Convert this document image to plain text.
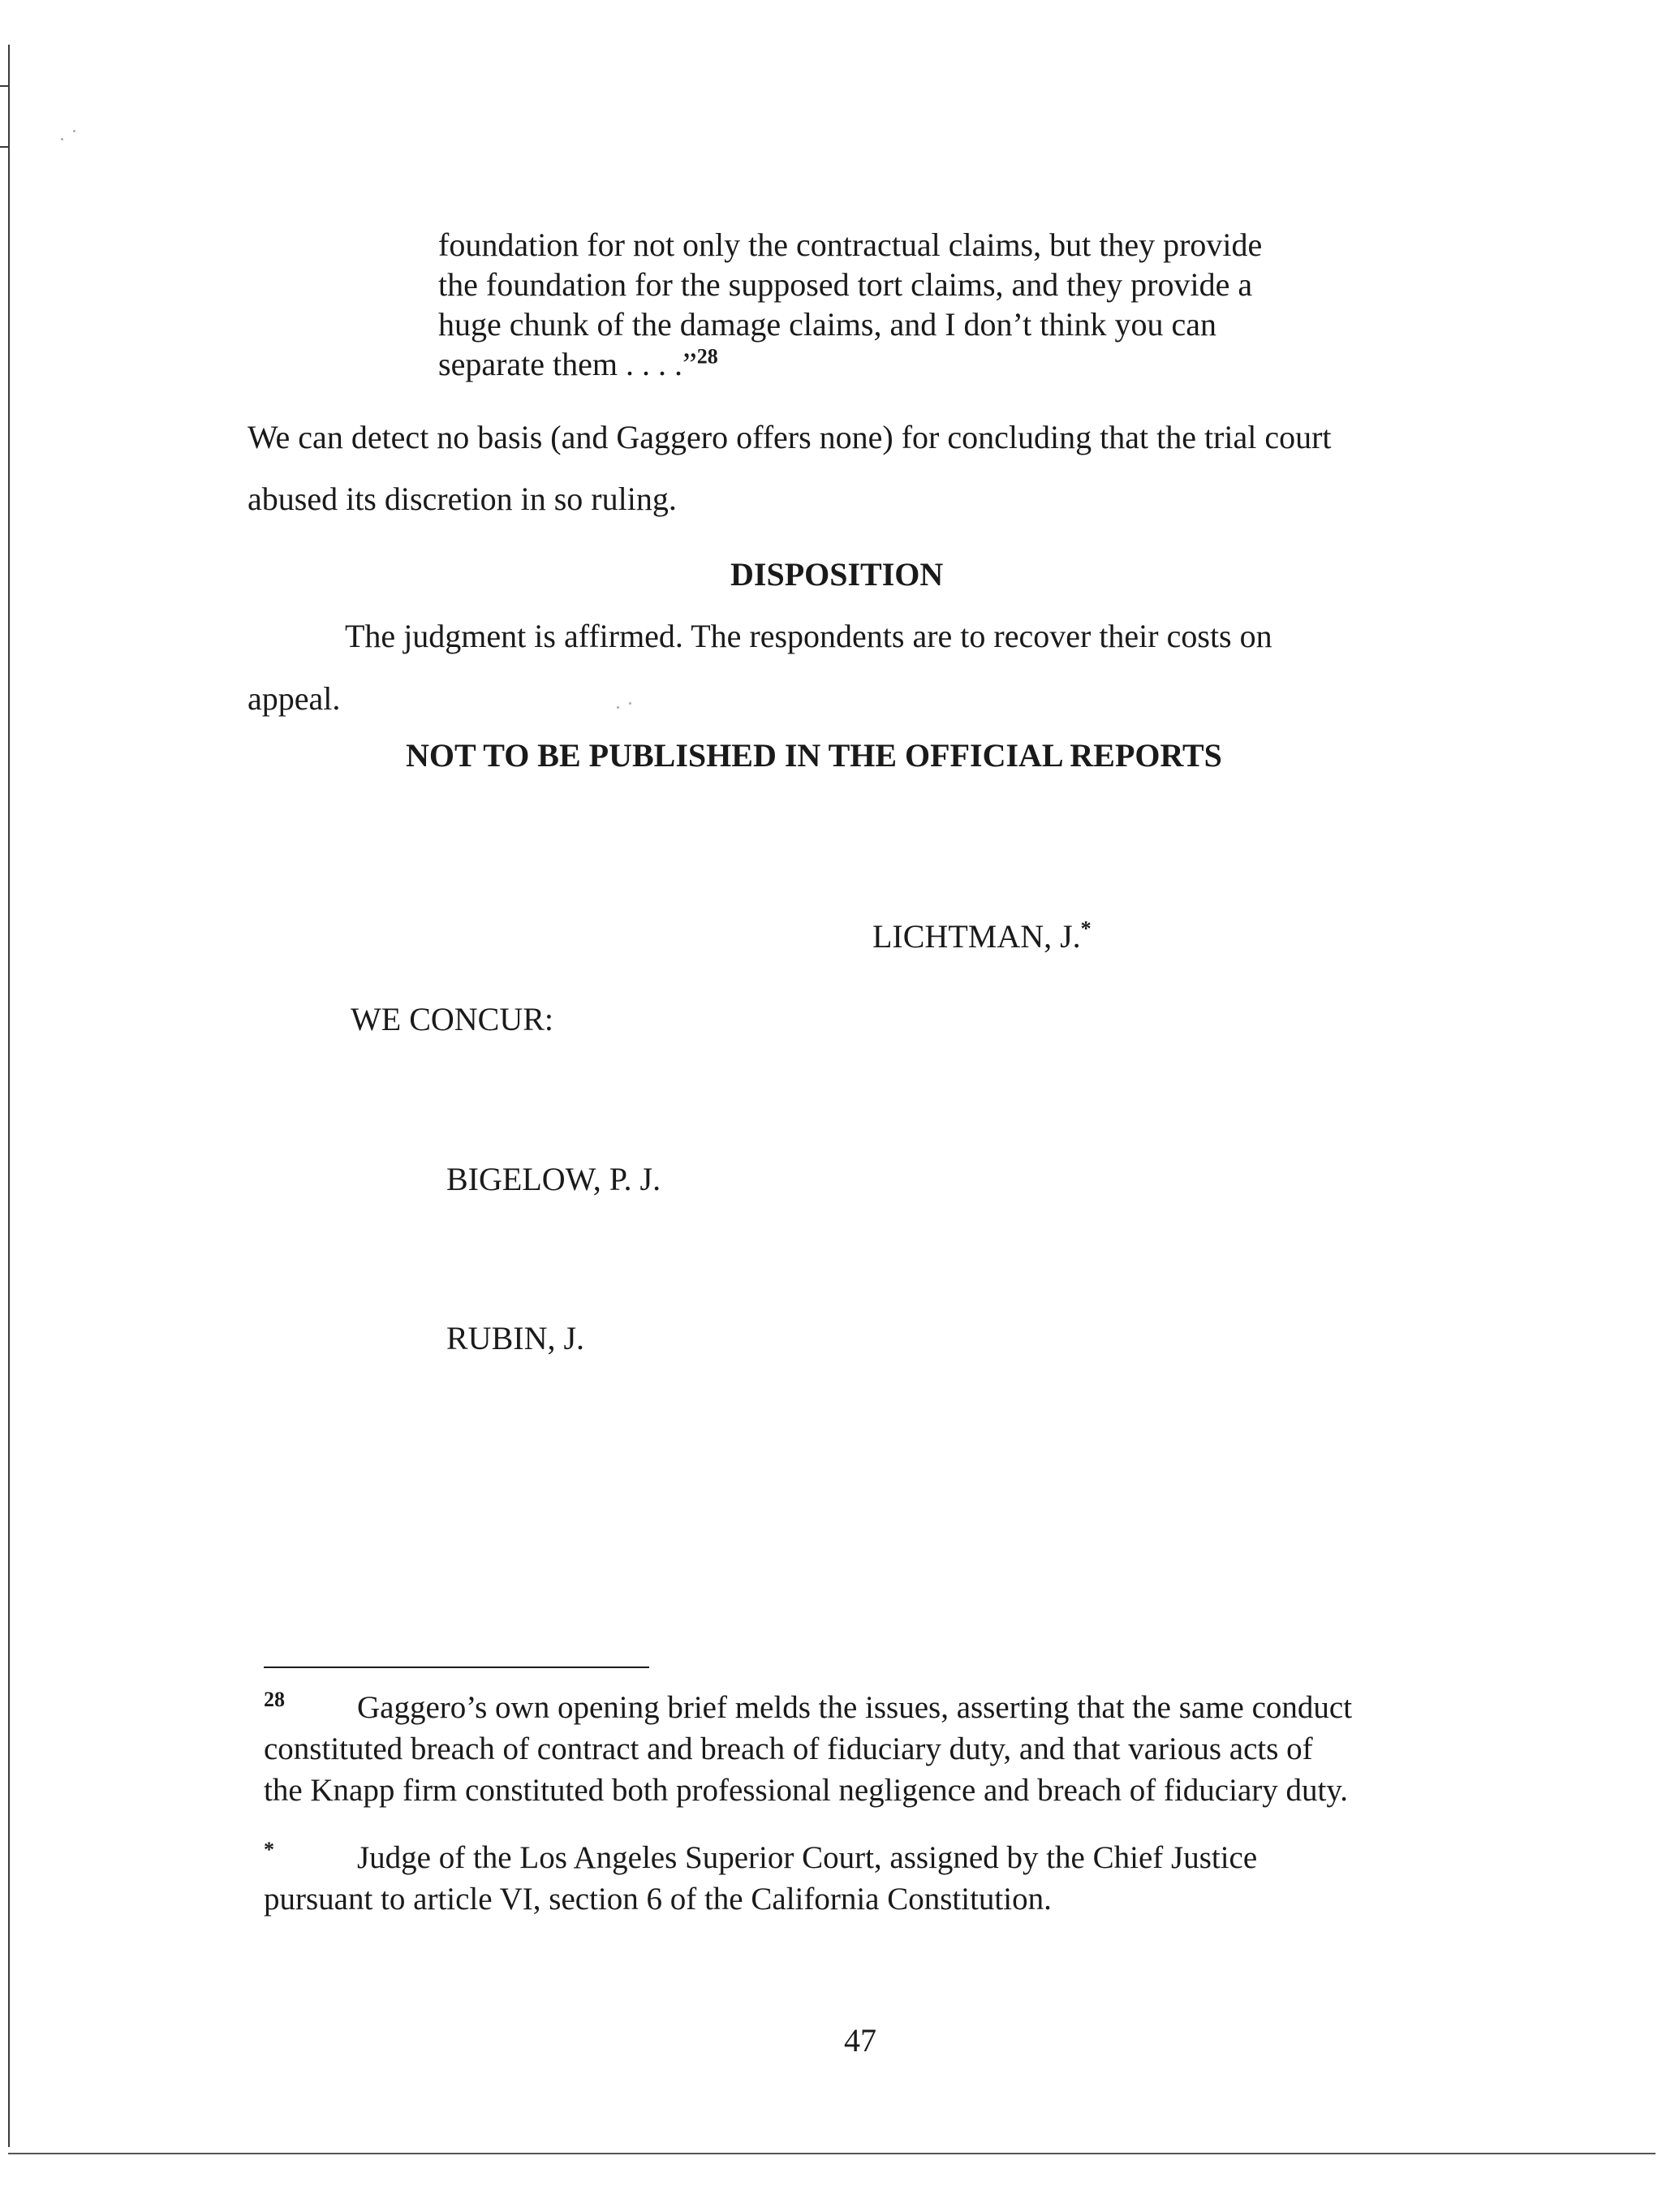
foundation for not only the contractual claims, but they provide
the foundation for the supposed tort claims, and they provide a
huge chunk of the damage claims, and I don’t think you can
separate them . . . .”$^{28}$
We can detect no basis (and Gaggero offers none) for concluding that the trial court
abused its discretion in so ruling.
DISPOSITION
The judgment is affirmed. The respondents are to recover their costs on
appeal.
NOT TO BE PUBLISHED IN THE OFFICIAL REPORTS
LICHTMAN, J.*
WE CONCUR:
BIGELOW, P. J.
RUBIN, J.
28 Gaggero’s own opening brief melds the issues, asserting that the same conduct
constituted breach of contract and breach of fiduciary duty, and that various acts of
the Knapp firm constituted both professional negligence and breach of fiduciary duty.
*	Judge of the Los Angeles Superior Court, assigned by the Chief Justice
pursuant to article VI, section 6 of the California Constitution.
47
